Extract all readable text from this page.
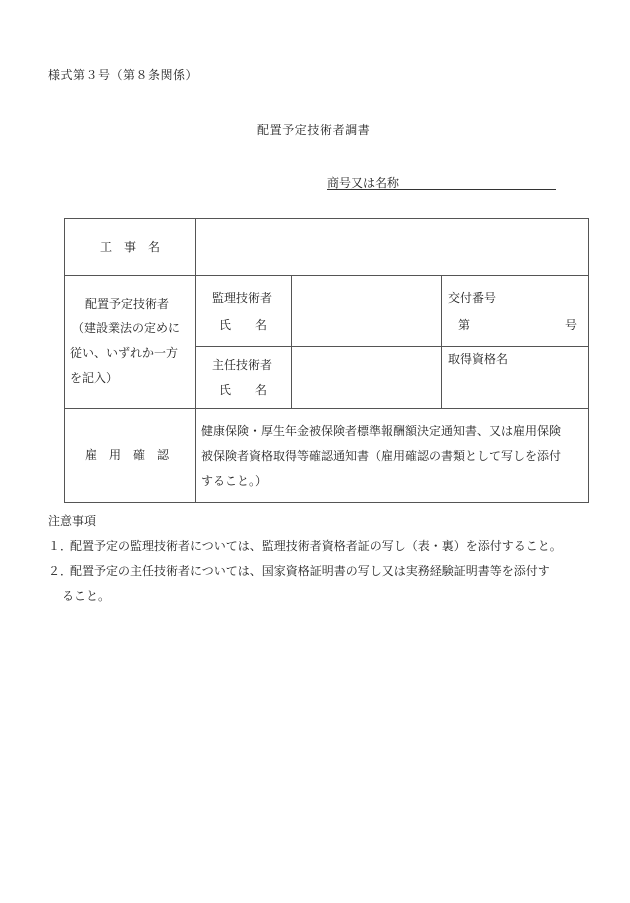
様式第３号（第８条関係）
配置予定技術者調書
商号又は名称
工　事　名
配置予定技術者
（建設業法の定めに
従い、いずれか一方
を記入）
監理技術者
氏　　名
交付番号
第	号
主任技術者
氏　　名
取得資格名
雇　用　確　認
健康保険・厚生年金被保険者標準報酬額決定通知書、又は雇用保険
被保険者資格取得等確認通知書（雇用確認の書類として写しを添付
すること。）
注意事項
１．
配置予定の監理技術者については、監理技術者資格者証の写し（表・裏）を添付すること。
２．
配置予定の主任技術者については、国家資格証明書の写し又は実務経験証明書等を添付す
ること。
